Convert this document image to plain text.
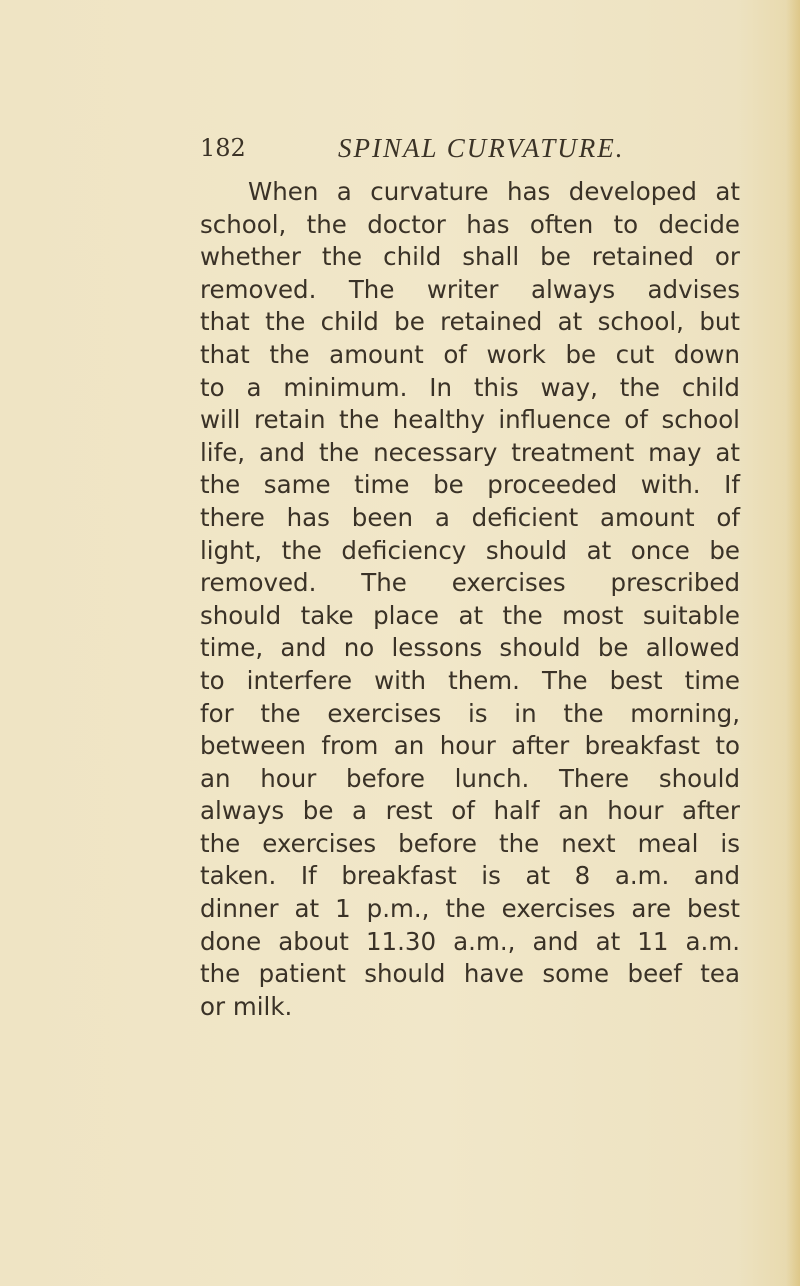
182	SPINAL CURVATURE.
When a curvature has developed at
school, the doctor has often to decide
whether the child shall be retained or
removed. The writer always advises
that the child be retained at school, but
that the amount of work be cut down
to a minimum. In this way, the child
will retain the healthy influence of school
life, and the necessary treatment may at
the same time be proceeded with. If
there has been a deficient amount of
light, the deficiency should at once be
removed. The exercises prescribed
should take place at the most suitable
time, and no lessons should be allowed
to interfere with them. The best time
for the exercises is in the morning,
between from an hour after breakfast to
an hour before lunch. There should
always be a rest of half an hour after
the exercises before the next meal is
taken. If breakfast is at 8 a.m. and
dinner at 1 p.m., the exercises are best
done about 11.30 a.m., and at 11 a.m.
the patient should have some beef tea
or milk.
